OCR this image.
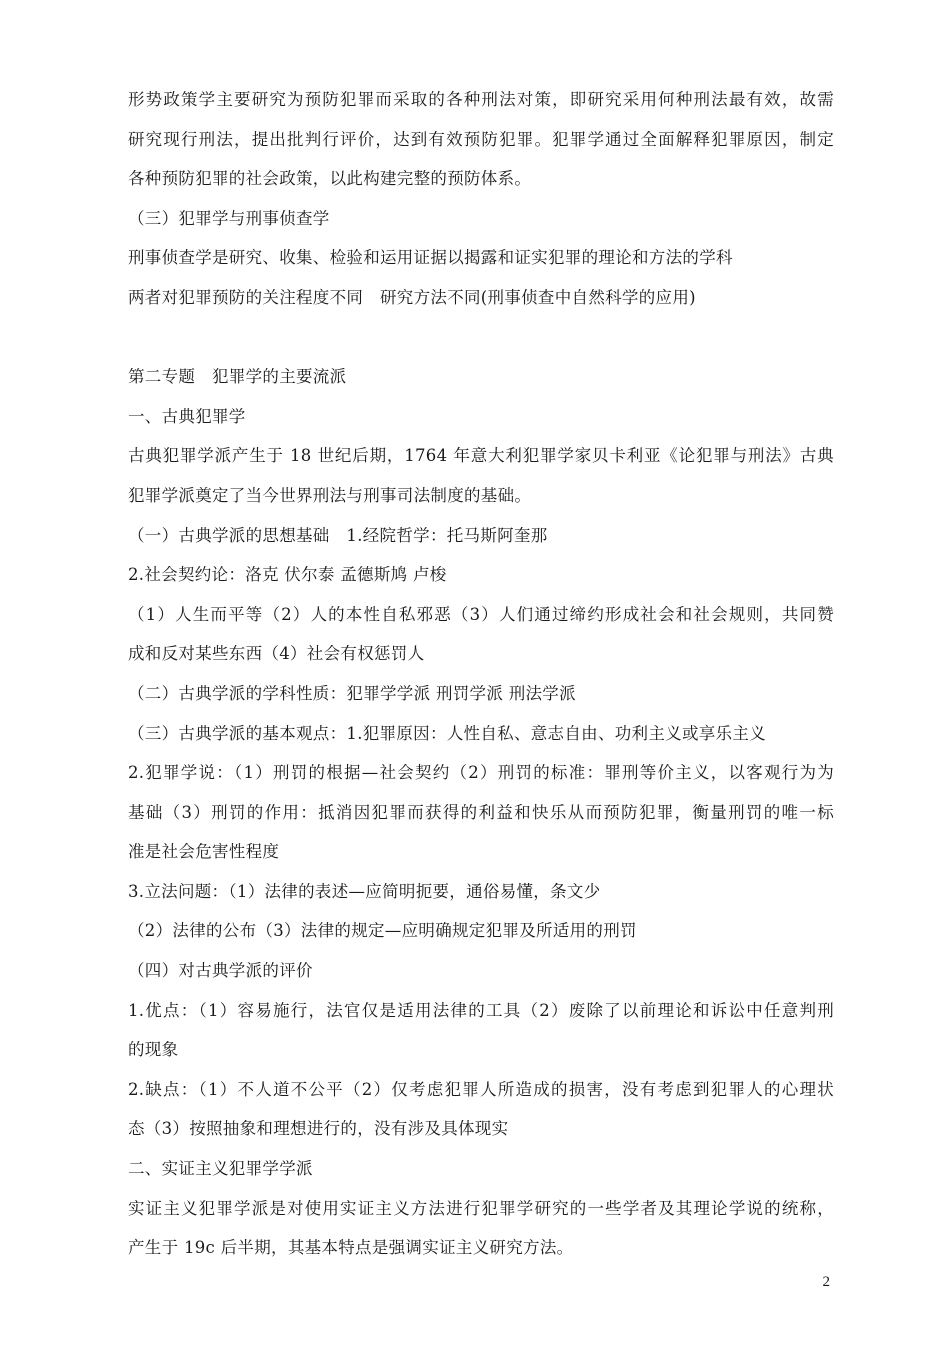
形势政策学主要研究为预防犯罪而采取的各种刑法对策，即研究采用何种刑法最有效，故需
研究现行刑法，提出批判行评价，达到有效预防犯罪。犯罪学通过全面解释犯罪原因，制定
各种预防犯罪的社会政策，以此构建完整的预防体系。
（三）犯罪学与刑事侦查学
刑事侦查学是研究、收集、检验和运用证据以揭露和证实犯罪的理论和方法的学科
两者对犯罪预防的关注程度不同　研究方法不同(刑事侦查中自然科学的应用)
第二专题　犯罪学的主要流派
一、古典犯罪学
古典犯罪学派产生于 18 世纪后期，1764 年意大利犯罪学家贝卡利亚《论犯罪与刑法》古典
犯罪学派奠定了当今世界刑法与刑事司法制度的基础。
（一）古典学派的思想基础　1.经院哲学：托马斯阿奎那
2.社会契约论：洛克 伏尔泰 孟德斯鸠 卢梭
（1）人生而平等（2）人的本性自私邪恶（3）人们通过缔约形成社会和社会规则，共同赞
成和反对某些东西（4）社会有权惩罚人
（二）古典学派的学科性质：犯罪学学派 刑罚学派 刑法学派
（三）古典学派的基本观点：1.犯罪原因：人性自私、意志自由、功利主义或享乐主义
2.犯罪学说：（1）刑罚的根据—社会契约（2）刑罚的标准：罪刑等价主义，以客观行为为
基础（3）刑罚的作用：抵消因犯罪而获得的利益和快乐从而预防犯罪，衡量刑罚的唯一标
准是社会危害性程度
3.立法问题：（1）法律的表述—应简明扼要，通俗易懂，条文少
（2）法律的公布（3）法律的规定—应明确规定犯罪及所适用的刑罚
（四）对古典学派的评价
1.优点：（1）容易施行，法官仅是适用法律的工具（2）废除了以前理论和诉讼中任意判刑
的现象
2.缺点：（1）不人道不公平（2）仅考虑犯罪人所造成的损害，没有考虑到犯罪人的心理状
态（3）按照抽象和理想进行的，没有涉及具体现实
二、实证主义犯罪学学派
实证主义犯罪学派是对使用实证主义方法进行犯罪学研究的一些学者及其理论学说的统称，
产生于 19c 后半期，其基本特点是强调实证主义研究方法。
2
